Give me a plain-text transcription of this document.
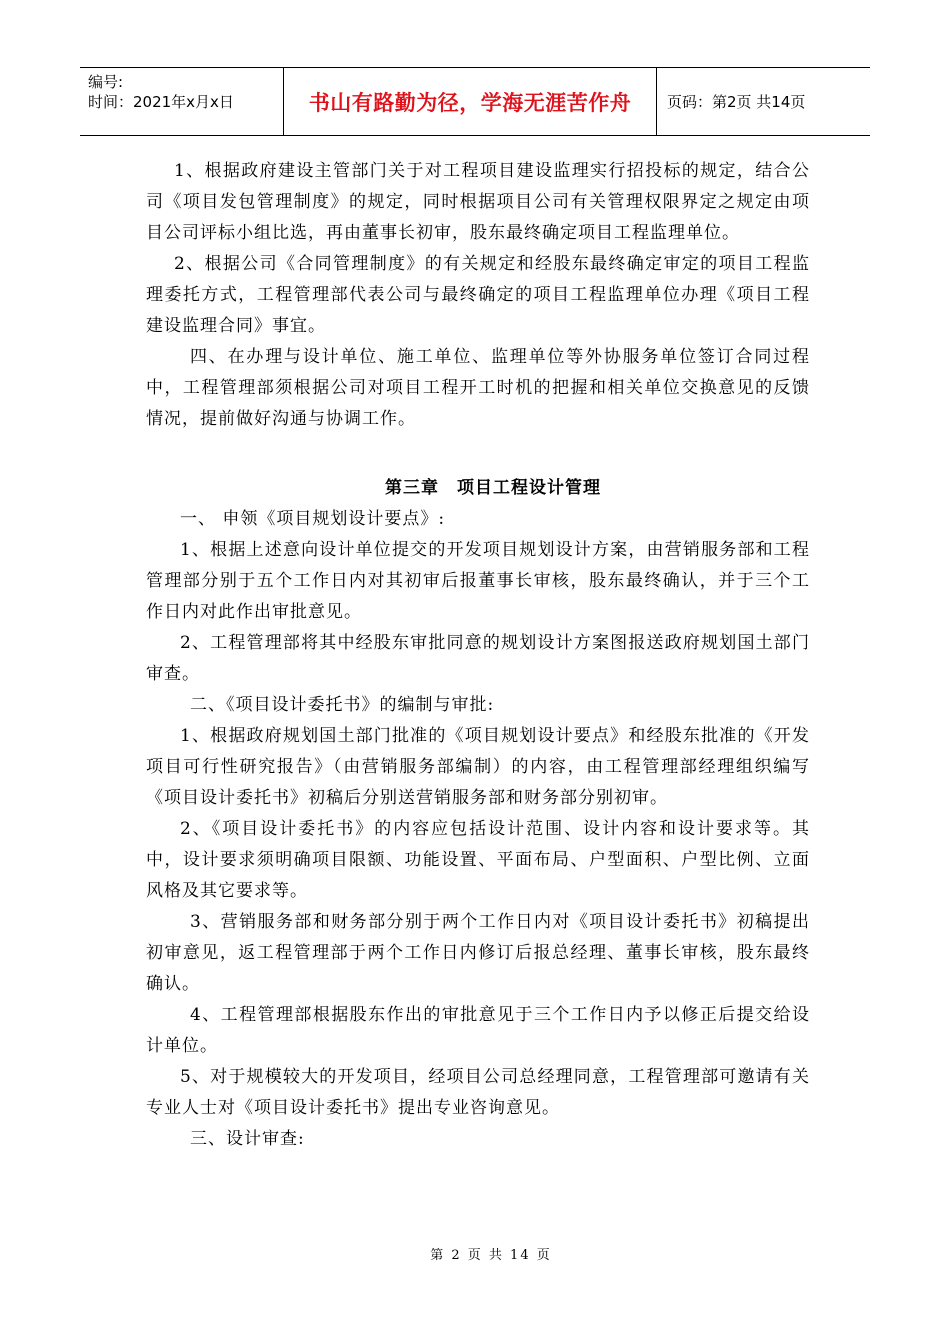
编号:
时间：2021年x月x日	书山有路勤为径，学海无涯苦作舟	页码：第2页 共14页

1、根据政府建设主管部门关于对工程项目建设监理实行招投标的规定，结合公司《项目发包管理制度》的规定，同时根据项目公司有关管理权限界定之规定由项目公司评标小组比选，再由董事长初审，股东最终确定项目工程监理单位。

2、根据公司《合同管理制度》的有关规定和经股东最终确定审定的项目工程监理委托方式，工程管理部代表公司与最终确定的项目工程监理单位办理《项目工程建设监理合同》事宜。

四、在办理与设计单位、施工单位、监理单位等外协服务单位签订合同过程中，工程管理部须根据公司对项目工程开工时机的把握和相关单位交换意见的反馈情况，提前做好沟通与协调工作。

第三章　项目工程设计管理

一、 申领《项目规划设计要点》:

1、根据上述意向设计单位提交的开发项目规划设计方案，由营销服务部和工程管理部分别于五个工作日内对其初审后报董事长审核，股东最终确认，并于三个工作日内对此作出审批意见。

2、工程管理部将其中经股东审批同意的规划设计方案图报送政府规划国土部门审查。

二、《项目设计委托书》的编制与审批:

1、根据政府规划国土部门批准的《项目规划设计要点》和经股东批准的《开发项目可行性研究报告》（由营销服务部编制）的内容，由工程管理部经理组织编写《项目设计委托书》初稿后分别送营销服务部和财务部分别初审。

2、《项目设计委托书》的内容应包括设计范围、设计内容和设计要求等。其中，设计要求须明确项目限额、功能设置、平面布局、户型面积、户型比例、立面风格及其它要求等。

3、营销服务部和财务部分别于两个工作日内对《项目设计委托书》初稿提出初审意见，返工程管理部于两个工作日内修订后报总经理、董事长审核，股东最终确认。

4、工程管理部根据股东作出的审批意见于三个工作日内予以修正后提交给设计单位。

5、对于规模较大的开发项目，经项目公司总经理同意，工程管理部可邀请有关专业人士对《项目设计委托书》提出专业咨询意见。

三、设计审查:

第 2 页 共 14 页
